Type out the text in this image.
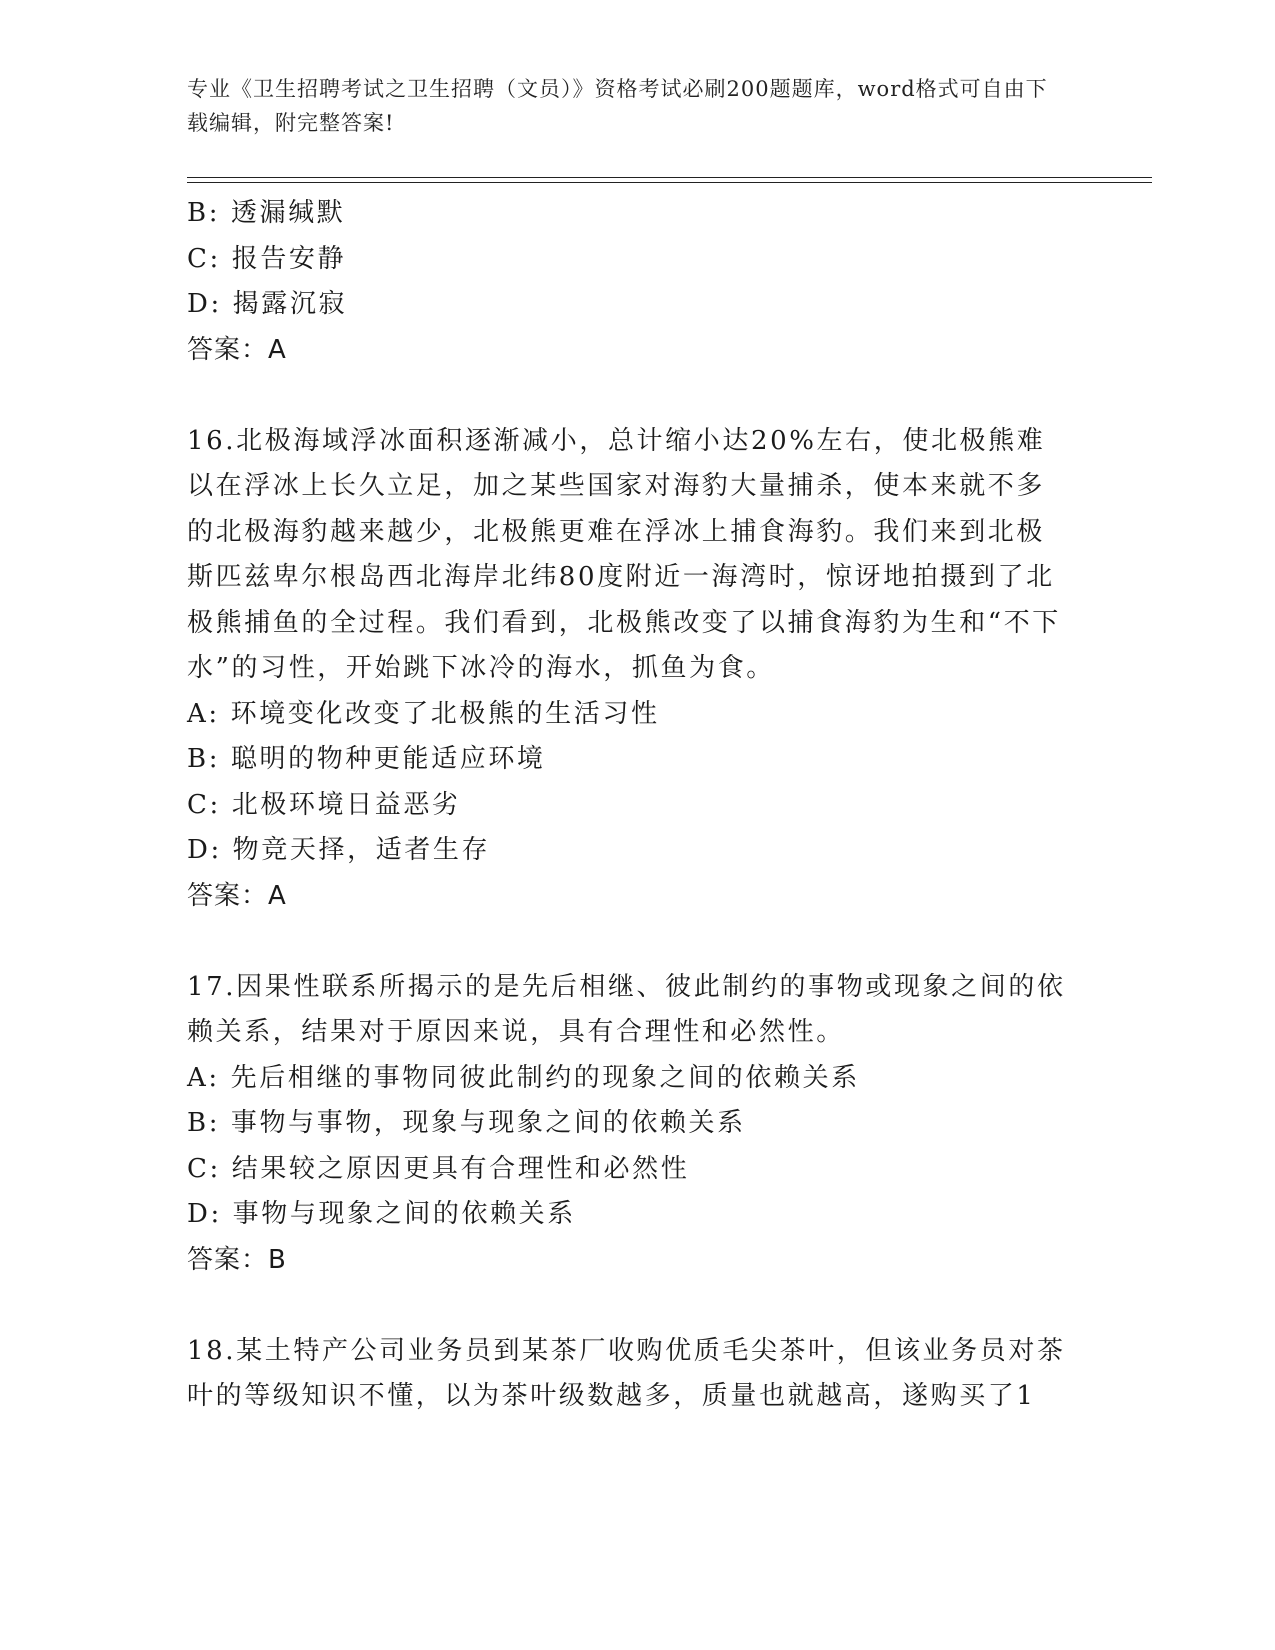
专业《卫生招聘考试之卫生招聘（文员）》资格考试必刷200题题库，word格式可自由下载编辑，附完整答案!
B: 透漏缄默
C: 报告安静
D: 揭露沉寂
答案：A

16.北极海域浮冰面积逐渐减小，总计缩小达20%左右，使北极熊难以在浮冰上长久立足，加之某些国家对海豹大量捕杀，使本来就不多的北极海豹越来越少，北极熊更难在浮冰上捕食海豹。我们来到北极斯匹兹卑尔根岛西北海岸北纬80度附近一海湾时，惊讶地拍摄到了北极熊捕鱼的全过程。我们看到，北极熊改变了以捕食海豹为生和“不下水”的习性，开始跳下冰冷的海水，抓鱼为食。

A: 环境变化改变了北极熊的生活习性
B: 聪明的物种更能适应环境
C: 北极环境日益恶劣
D: 物竞天择，适者生存
答案：A

17.因果性联系所揭示的是先后相继、彼此制约的事物或现象之间的依赖关系，结果对于原因来说，具有合理性和必然性。

A: 先后相继的事物同彼此制约的现象之间的依赖关系
B: 事物与事物，现象与现象之间的依赖关系
C: 结果较之原因更具有合理性和必然性
D: 事物与现象之间的依赖关系
答案：B

18.某土特产公司业务员到某茶厂收购优质毛尖茶叶，但该业务员对茶叶的等级知识不懂，以为茶叶级数越多，质量也就越高，遂购买了1
